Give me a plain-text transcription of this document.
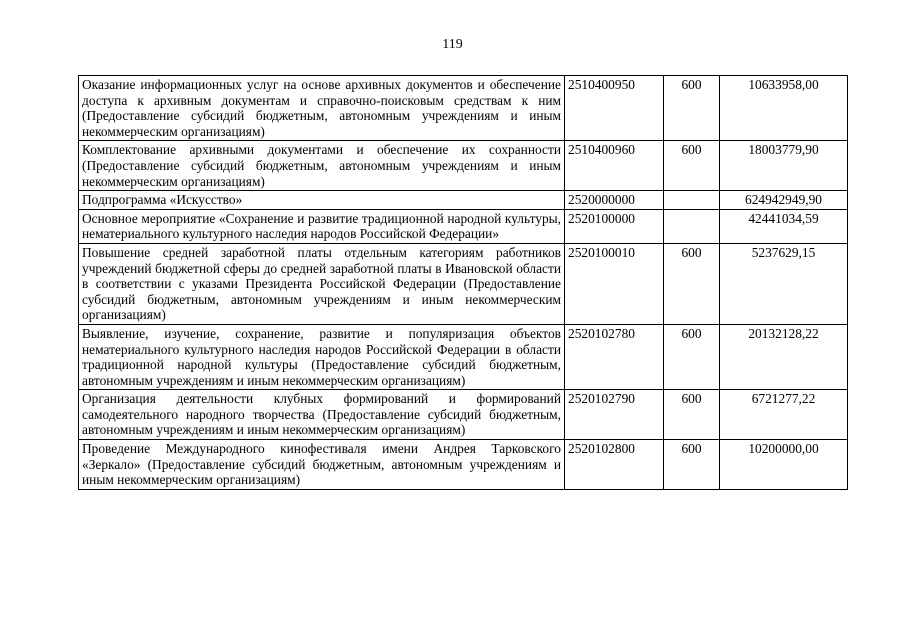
119
Оказание информационных услуг на основе архивных документов и обеспечение доступа к архивным документам и справочно-поисковым средствам к ним (Предоставление субсидий бюджетным, автономным учреждениям и иным некоммерческим организациям)	2510400950	600	10633958,00
Комплектование архивными документами и обеспечение их сохранности (Предоставление субсидий бюджетным, автономным учреждениям и иным некоммерческим организациям)	2510400960	600	18003779,90
Подпрограмма «Искусство»	2520000000		624942949,90
Основное мероприятие «Сохранение и развитие традиционной народной культуры, нематериального культурного наследия народов Российской Федерации»	2520100000		42441034,59
Повышение средней заработной платы отдельным категориям работников учреждений бюджетной сферы до средней заработной платы в Ивановской области в соответствии с указами Президента Российской Федерации (Предоставление субсидий бюджетным, автономным учреждениям и иным некоммерческим организациям)	2520100010	600	5237629,15
Выявление, изучение, сохранение, развитие и популяризация объектов нематериального культурного наследия народов Российской Федерации в области традиционной народной культуры (Предоставление субсидий бюджетным, автономным учреждениям и иным некоммерческим организациям)	2520102780	600	20132128,22
Организация деятельности клубных формирований и формирований самодеятельного народного творчества (Предоставление субсидий бюджетным, автономным учреждениям и иным некоммерческим организациям)	2520102790	600	6721277,22
Проведение Международного кинофестиваля имени Андрея Тарковского «Зеркало» (Предоставление субсидий бюджетным, автономным учреждениям и иным некоммерческим организациям)	2520102800	600	10200000,00
